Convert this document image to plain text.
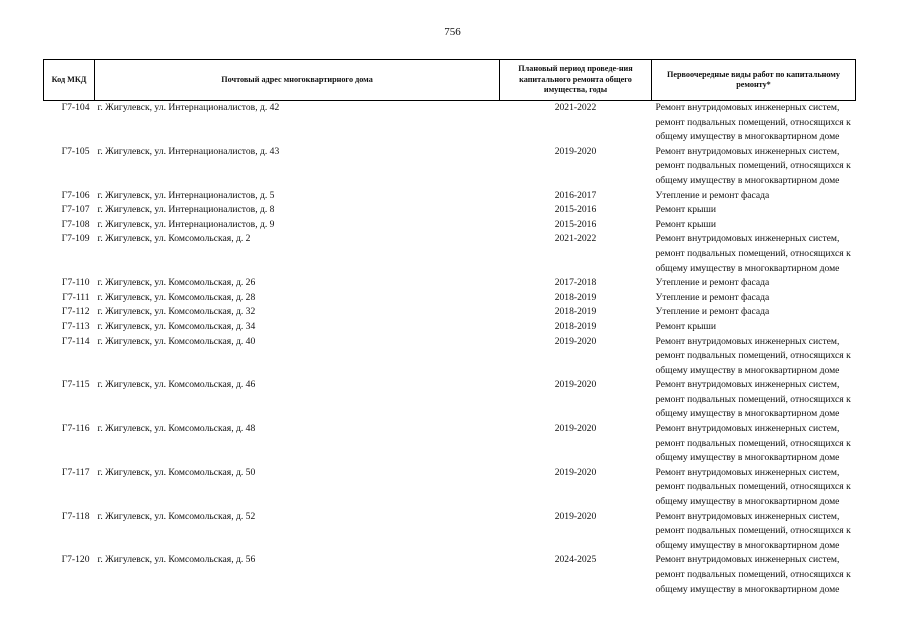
756
Код МКД	Почтовый адрес многоквартирного дома	Плановый период проведе-ния капитального ремонта общего имущества, годы	Первоочередные виды работ по капитальному ремонту*
Г7-104	г. Жигулевск, ул. Интернационалистов, д. 42	2021-2022	Ремонт внутридомовых инженерных систем,
ремонт подвальных помещений, относящихся к
общему имуществу в многоквартирном доме

Г7-105	г. Жигулевск, ул. Интернационалистов, д. 43	2019-2020	Ремонт внутридомовых инженерных систем,
ремонт подвальных помещений, относящихся к
общему имуществу в многоквартирном доме

Г7-106	г. Жигулевск, ул. Интернационалистов, д. 5	2016-2017	Утепление и ремонт фасада

Г7-107	г. Жигулевск, ул. Интернационалистов, д. 8	2015-2016	Ремонт крыши

Г7-108	г. Жигулевск, ул. Интернационалистов, д. 9	2015-2016	Ремонт крыши

Г7-109	г. Жигулевск, ул. Комсомольская, д. 2	2021-2022	Ремонт внутридомовых инженерных систем,
ремонт подвальных помещений, относящихся к
общему имуществу в многоквартирном доме

Г7-110	г. Жигулевск, ул. Комсомольская, д. 26	2017-2018	Утепление и ремонт фасада

Г7-111	г. Жигулевск, ул. Комсомольская, д. 28	2018-2019	Утепление и ремонт фасада

Г7-112	г. Жигулевск, ул. Комсомольская, д. 32	2018-2019	Утепление и ремонт фасада

Г7-113	г. Жигулевск, ул. Комсомольская, д. 34	2018-2019	Ремонт крыши

Г7-114	г. Жигулевск, ул. Комсомольская, д. 40	2019-2020	Ремонт внутридомовых инженерных систем,
ремонт подвальных помещений, относящихся к
общему имуществу в многоквартирном доме

Г7-115	г. Жигулевск, ул. Комсомольская, д. 46	2019-2020	Ремонт внутридомовых инженерных систем,
ремонт подвальных помещений, относящихся к
общему имуществу в многоквартирном доме

Г7-116	г. Жигулевск, ул. Комсомольская, д. 48	2019-2020	Ремонт внутридомовых инженерных систем,
ремонт подвальных помещений, относящихся к
общему имуществу в многоквартирном доме

Г7-117	г. Жигулевск, ул. Комсомольская, д. 50	2019-2020	Ремонт внутридомовых инженерных систем,
ремонт подвальных помещений, относящихся к
общему имуществу в многоквартирном доме

Г7-118	г. Жигулевск, ул. Комсомольская, д. 52	2019-2020	Ремонт внутридомовых инженерных систем,
ремонт подвальных помещений, относящихся к
общему имуществу в многоквартирном доме

Г7-120	г. Жигулевск, ул. Комсомольская, д. 56	2024-2025	Ремонт внутридомовых инженерных систем,
ремонт подвальных помещений, относящихся к
общему имуществу в многоквартирном доме
